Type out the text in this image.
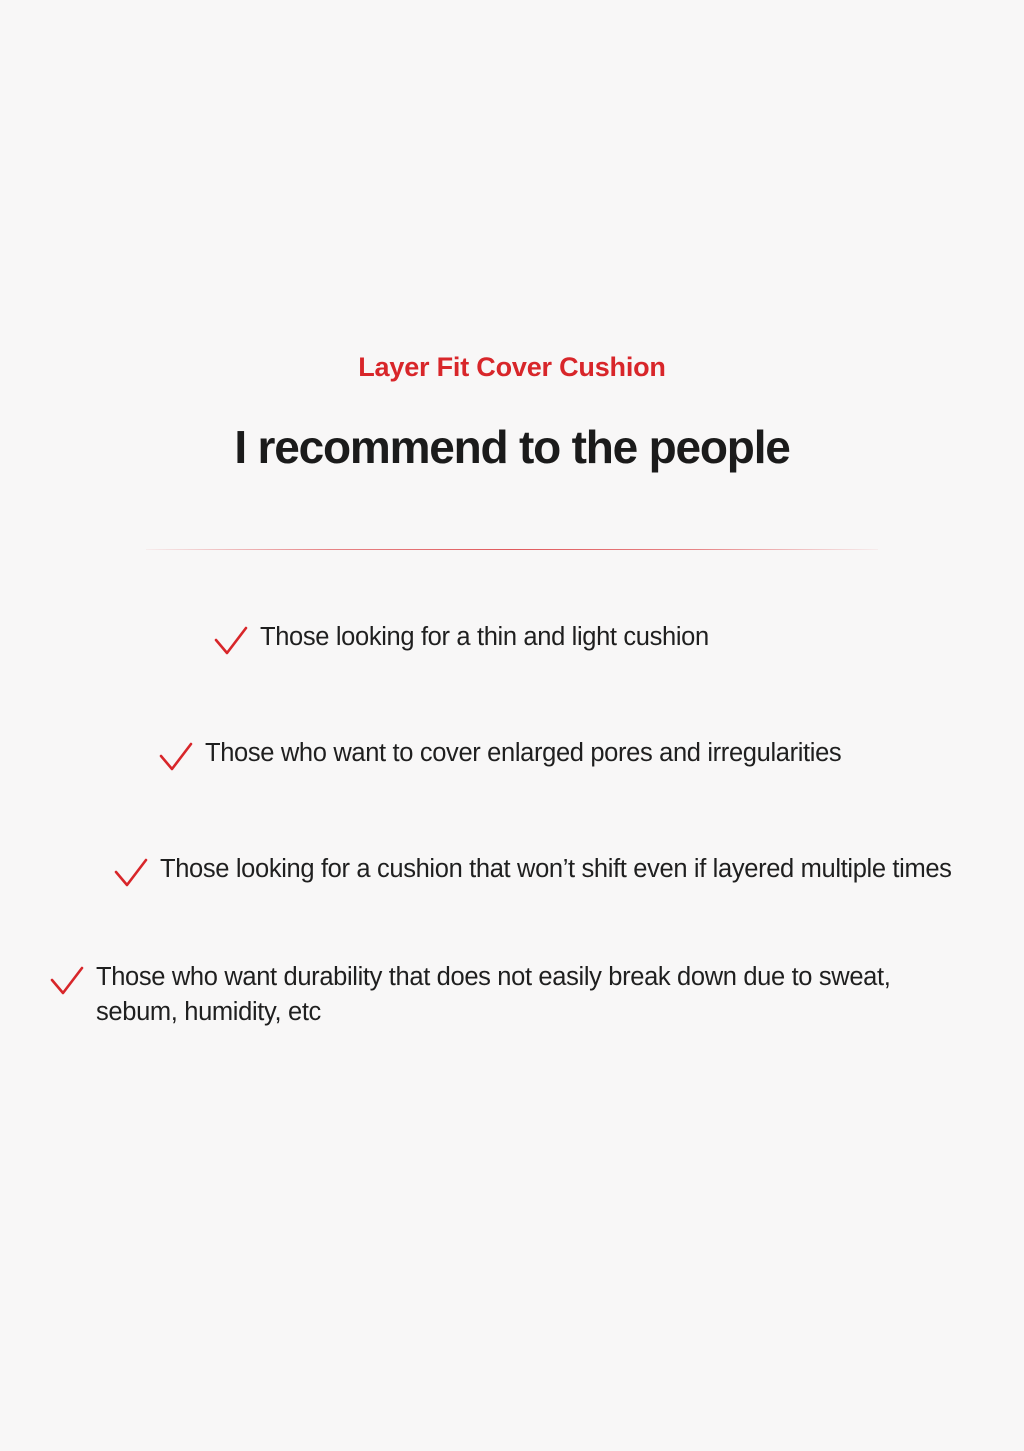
Layer Fit Cover Cushion
I recommend to the people
Those looking for a thin and light cushion
Those who want to cover enlarged pores and irregularities
Those looking for a cushion that won’t shift even if layered multiple times
Those who want durability that does not easily break down due to sweat, sebum, humidity, etc
